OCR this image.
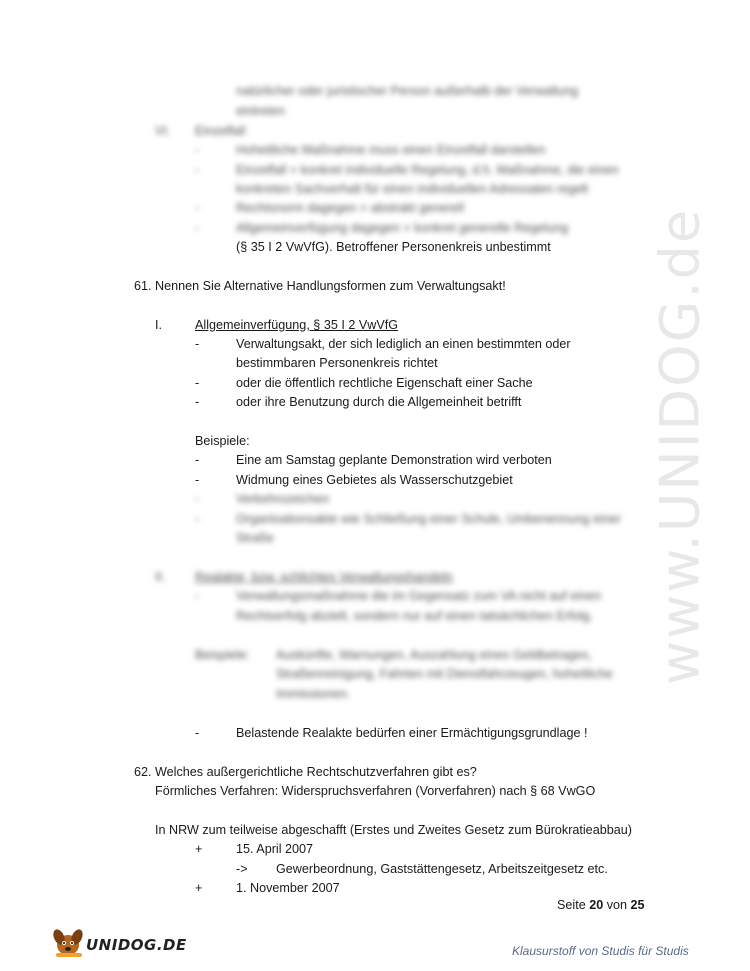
www.UNIDOG.de
natürlicher oder juristischer Person außerhalb der Verwaltung
eintreten
VI. Einzelfall
-	Hoheitliche Maßnahme muss einen Einzelfall darstellen
-	Einzelfall = konkret individuelle Regelung, d.h. Maßnahme, die einen
konkreten Sachverhalt für einen individuellen Adressaten regelt
-	Rechtsnorm dagegen = abstrakt generell
-	Allgemeinverfügung dagegen = konkret generelle Regelung
(§ 35 I 2 VwVfG). Betroffener Personenkreis unbestimmt
61. Nennen Sie Alternative Handlungsformen zum Verwaltungsakt!
I.	Allgemeinverfügung, § 35 I 2 VwVfG
-	Verwaltungsakt, der sich lediglich an einen bestimmten oder
bestimmbaren Personenkreis richtet
-	oder die öffentlich rechtliche Eigenschaft einer Sache
-	oder ihre Benutzung durch die Allgemeinheit betrifft
Beispiele:
-	Eine am Samstag geplante Demonstration wird verboten
-	Widmung eines Gebietes als Wasserschutzgebiet
-	Verkehrszeichen
-	Organisationsakte wie Schließung einer Schule, Umbenennung einer
Straße
II. Realakte, bzw. schlichtes Verwaltungshandeln
-	Verwaltungsmaßnahme die im Gegensatz zum VA nicht auf einen
Rechtserfolg abzielt, sondern nur auf einen tatsächlichen Erfolg.
Beispiele: Auskünfte, Warnungen, Auszahlung eines Geldbetrages,
Straßenreinigung, Fahrten mit Dienstfahrzeugen, hoheitliche
Immissionen.
-	Belastende Realakte bedürfen einer Ermächtigungsgrundlage !
62. Welches außergerichtliche Rechtschutzverfahren gibt es?
Förmliches Verfahren: Widerspruchsverfahren (Vorverfahren) nach § 68 VwGO
In NRW zum teilweise abgeschafft (Erstes und Zweites Gesetz zum Bürokratieabbau)
+	15. April 2007
-> Gewerbeordnung, Gaststättengesetz, Arbeitszeitgesetz etc.
+	1. November 2007
Seite 20 von 25
UNIDOG.DE	Klausurstoff von Studis für Studis
